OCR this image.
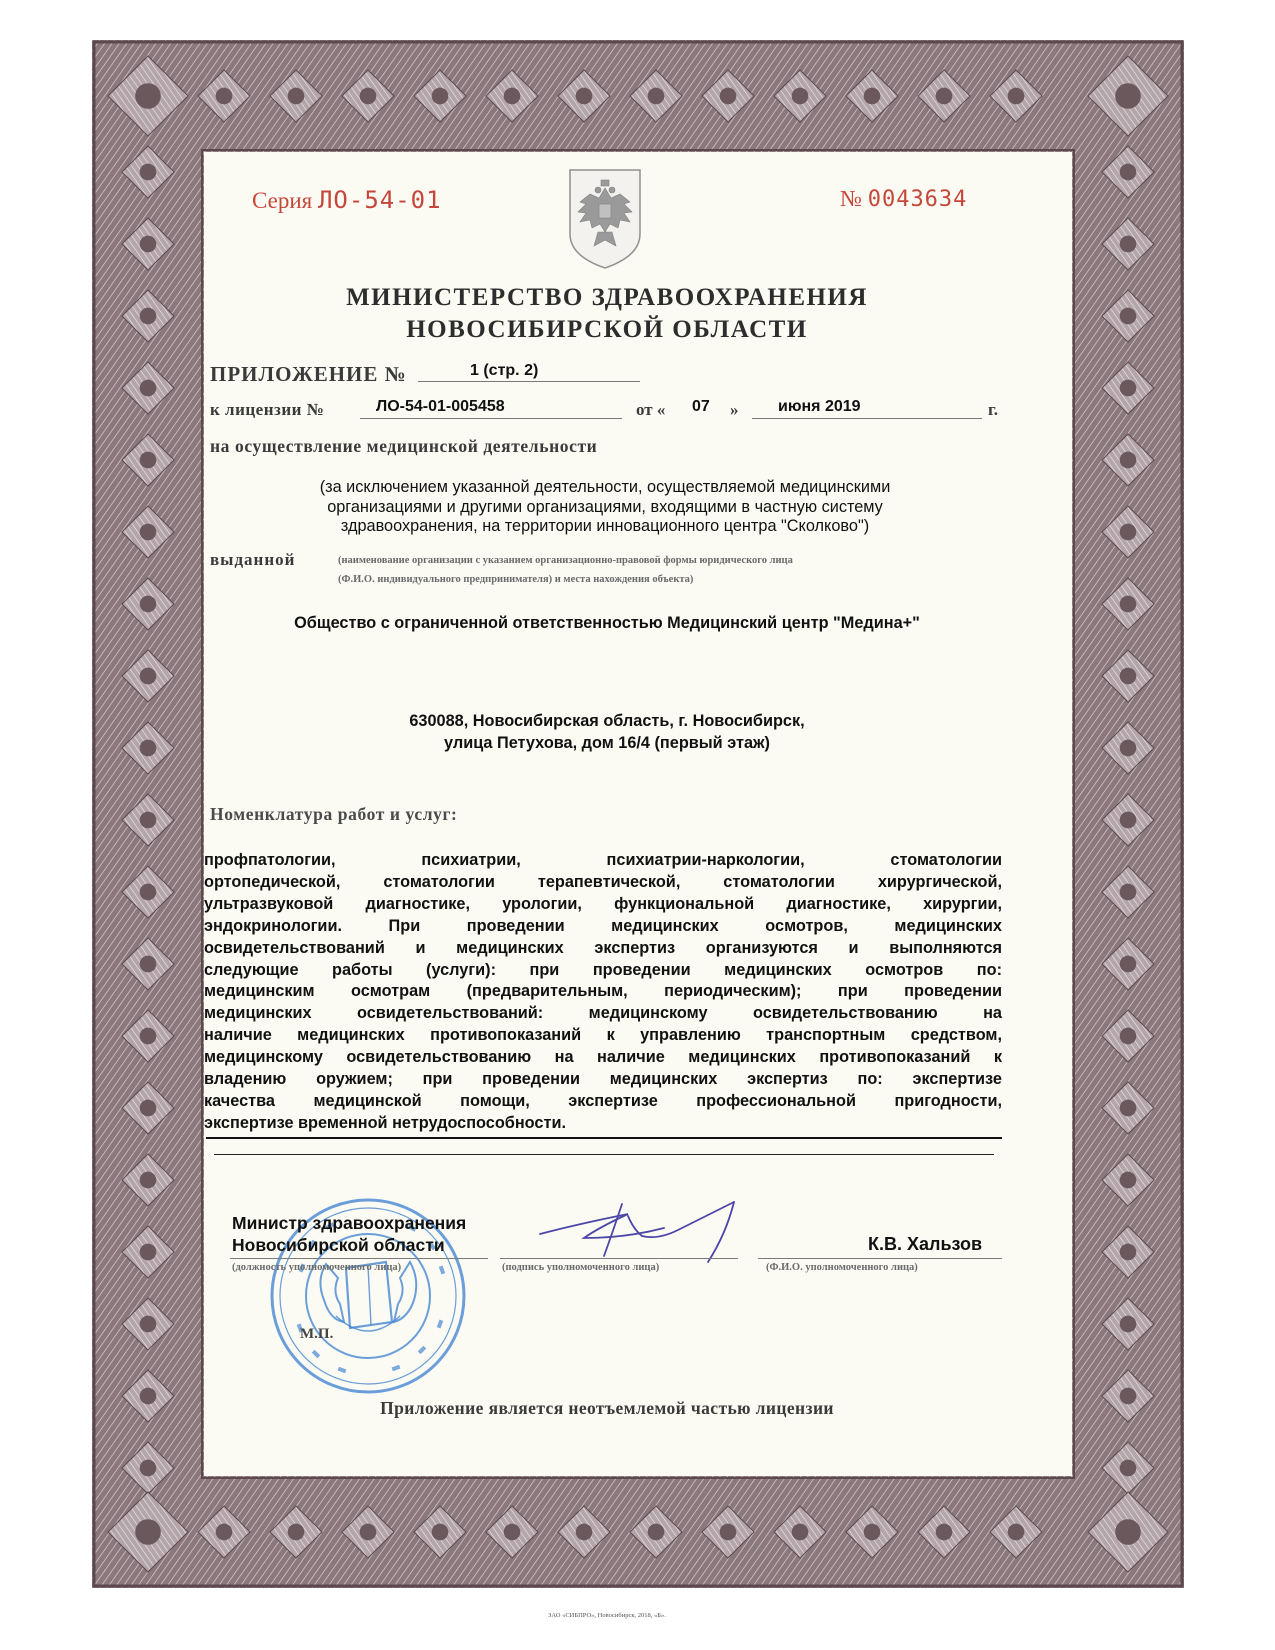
Серия ЛО-54-01	№ 0043634
МИНИСТЕРСТВО ЗДРАВООХРАНЕНИЯ
НОВОСИБИРСКОЙ ОБЛАСТИ
ПРИЛОЖЕНИЕ №	1 (стр. 2)
к лицензии №	ЛО-54-01-005458	от « 07 » июня 2019	г.
на осуществление медицинской деятельности
(за исключением указанной деятельности, осуществляемой медицинскими
организациями и другими организациями, входящими в частную систему
здравоохранения, на территории инновационного центра "Сколково")
выданной	(наименование организации с указанием организационно-правовой формы юридического лица
(Ф.И.О. индивидуального предпринимателя) и места нахождения объекта)
Общество с ограниченной ответственностью Медицинский центр "Медина+"
630088, Новосибирская область, г. Новосибирск,
улица Петухова, дом 16/4 (первый этаж)
Номенклатура работ и услуг:
профпатологии, психиатрии, психиатрии-наркологии, стоматологии
ортопедической, стоматологии терапевтической, стоматологии хирургической,
ультразвуковой диагностике, урологии, функциональной диагностике, хирургии,
эндокринологии. При проведении медицинских осмотров, медицинских
освидетельствований и медицинских экспертиз организуются и выполняются
следующие работы (услуги): при проведении медицинских осмотров по:
медицинским осмотрам (предварительным, периодическим); при проведении
медицинских освидетельствований: медицинскому освидетельствованию на
наличие медицинских противопоказаний к управлению транспортным средством,
медицинскому освидетельствованию на наличие медицинских противопоказаний к
владению оружием; при проведении медицинских экспертиз по: экспертизе
качества медицинской помощи, экспертизе профессиональной пригодности,
экспертизе временной нетрудоспособности.
Министр здравоохранения
Новосибирской области
(должность уполномоченного лица)	(подпись уполномоченного лица)
К.В. Хальзов
(Ф.И.О. уполномоченного лица)
М.П.
Приложение является неотъемлемой частью лицензии
ЗАО «СИБПРО», Новосибирск, 2018, «Б».
